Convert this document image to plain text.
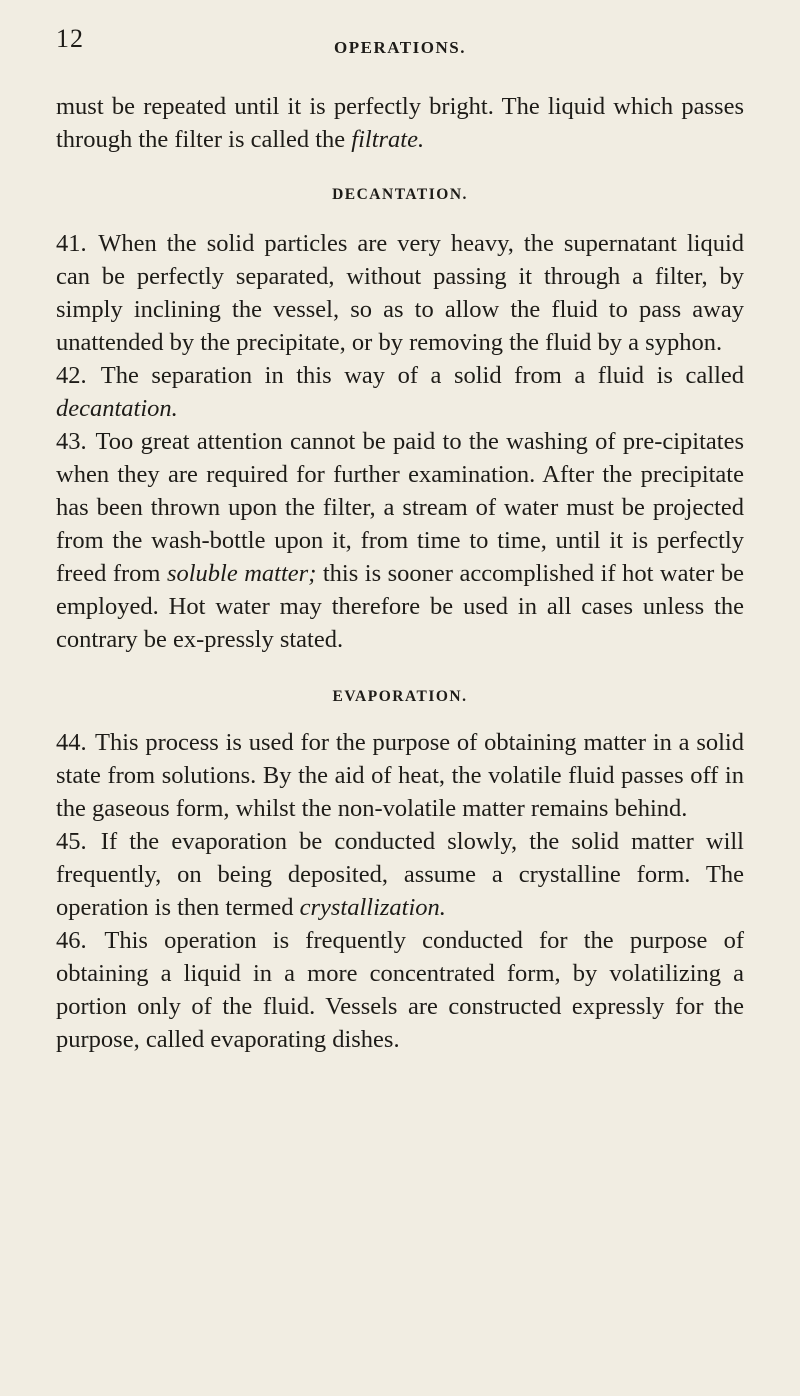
12	OPERATIONS.

must be repeated until it is perfectly bright. The liquid which passes through the filter is called the filtrate.

DECANTATION.

41. When the solid particles are very heavy, the supernatant liquid can be perfectly separated, without passing it through a filter, by simply inclining the vessel, so as to allow the fluid to pass away unattended by the precipitate, or by removing the fluid by a syphon.

42. The separation in this way of a solid from a fluid is called decantation.

43. Too great attention cannot be paid to the washing of pre-cipitates when they are required for further examination. After the precipitate has been thrown upon the filter, a stream of water must be projected from the wash-bottle upon it, from time to time, until it is perfectly freed from soluble matter; this is sooner accomplished if hot water be employed. Hot water may therefore be used in all cases unless the contrary be ex-pressly stated.

EVAPORATION.

44. This process is used for the purpose of obtaining matter in a solid state from solutions. By the aid of heat, the volatile fluid passes off in the gaseous form, whilst the non-volatile matter remains behind.

45. If the evaporation be conducted slowly, the solid matter will frequently, on being deposited, assume a crystalline form. The operation is then termed crystallization.

46. This operation is frequently conducted for the purpose of obtaining a liquid in a more concentrated form, by volatilizing a portion only of the fluid. Vessels are constructed expressly for the purpose, called evaporating dishes.
